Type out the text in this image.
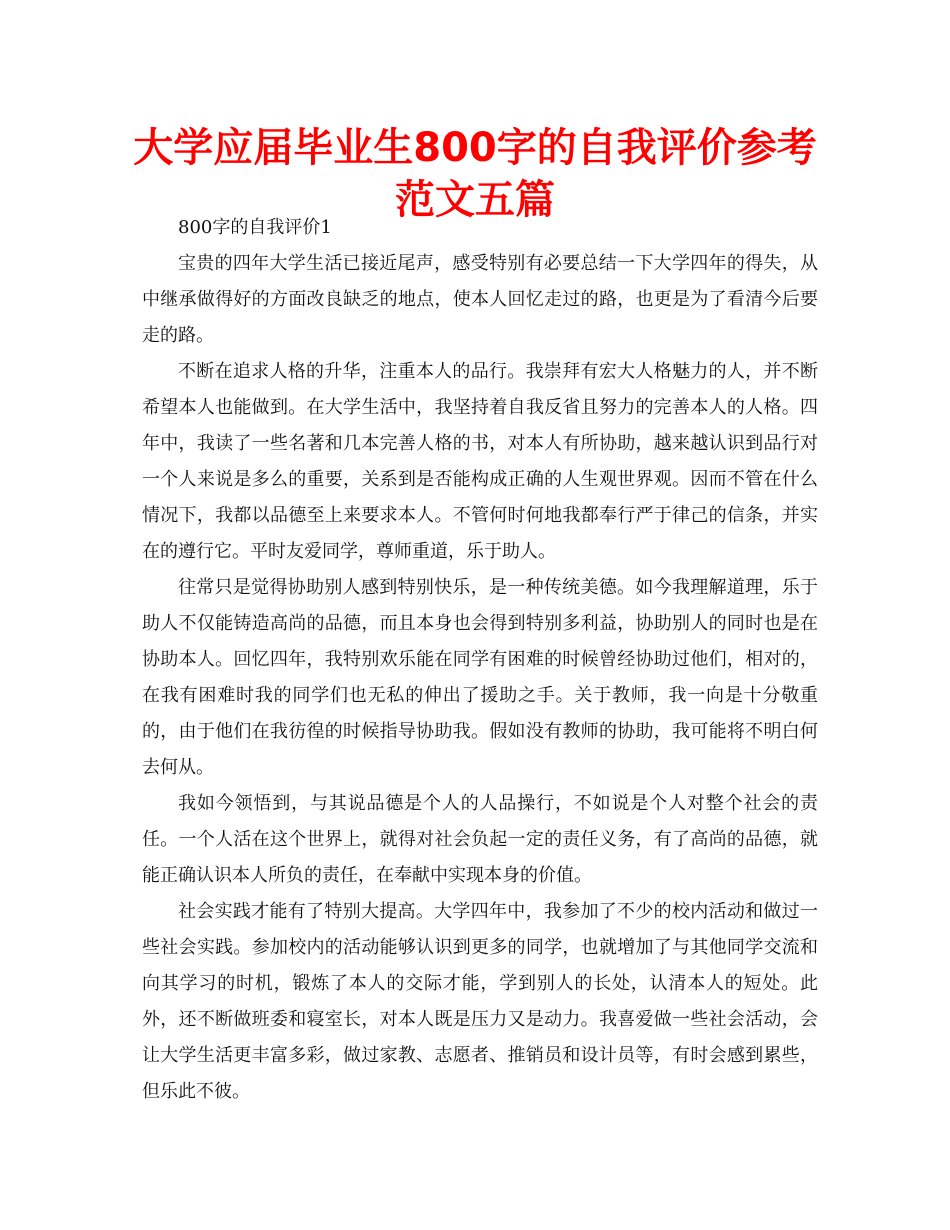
大学应届毕业生800字的自我评价参考范文五篇

800字的自我评价1

宝贵的四年大学生活已接近尾声，感受特别有必要总结一下大学四年的得失，从中继承做得好的方面改良缺乏的地点，使本人回忆走过的路，也更是为了看清今后要走的路。

不断在追求人格的升华，注重本人的品行。我崇拜有宏大人格魅力的人，并不断希望本人也能做到。在大学生活中，我坚持着自我反省且努力的完善本人的人格。四年中，我读了一些名著和几本完善人格的书，对本人有所协助，越来越认识到品行对一个人来说是多么的重要，关系到是否能构成正确的人生观世界观。因而不管在什么情况下，我都以品德至上来要求本人。不管何时何地我都奉行严于律己的信条，并实在的遵行它。平时友爱同学，尊师重道，乐于助人。

往常只是觉得协助别人感到特别快乐，是一种传统美德。如今我理解道理，乐于助人不仅能铸造高尚的品德，而且本身也会得到特别多利益，协助别人的同时也是在协助本人。回忆四年，我特别欢乐能在同学有困难的时候曾经协助过他们，相对的，在我有困难时我的同学们也无私的伸出了援助之手。关于教师，我一向是十分敬重的，由于他们在我彷徨的时候指导协助我。假如没有教师的协助，我可能将不明白何去何从。

我如今领悟到，与其说品德是个人的人品操行，不如说是个人对整个社会的责任。一个人活在这个世界上，就得对社会负起一定的责任义务，有了高尚的品德，就能正确认识本人所负的责任，在奉献中实现本身的价值。

社会实践才能有了特别大提高。大学四年中，我参加了不少的校内活动和做过一些社会实践。参加校内的活动能够认识到更多的同学，也就增加了与其他同学交流和向其学习的时机，锻炼了本人的交际才能，学到别人的长处，认清本人的短处。此外，还不断做班委和寝室长，对本人既是压力又是动力。我喜爱做一些社会活动，会让大学生活更丰富多彩，做过家教、志愿者、推销员和设计员等，有时会感到累些，但乐此不彼。
